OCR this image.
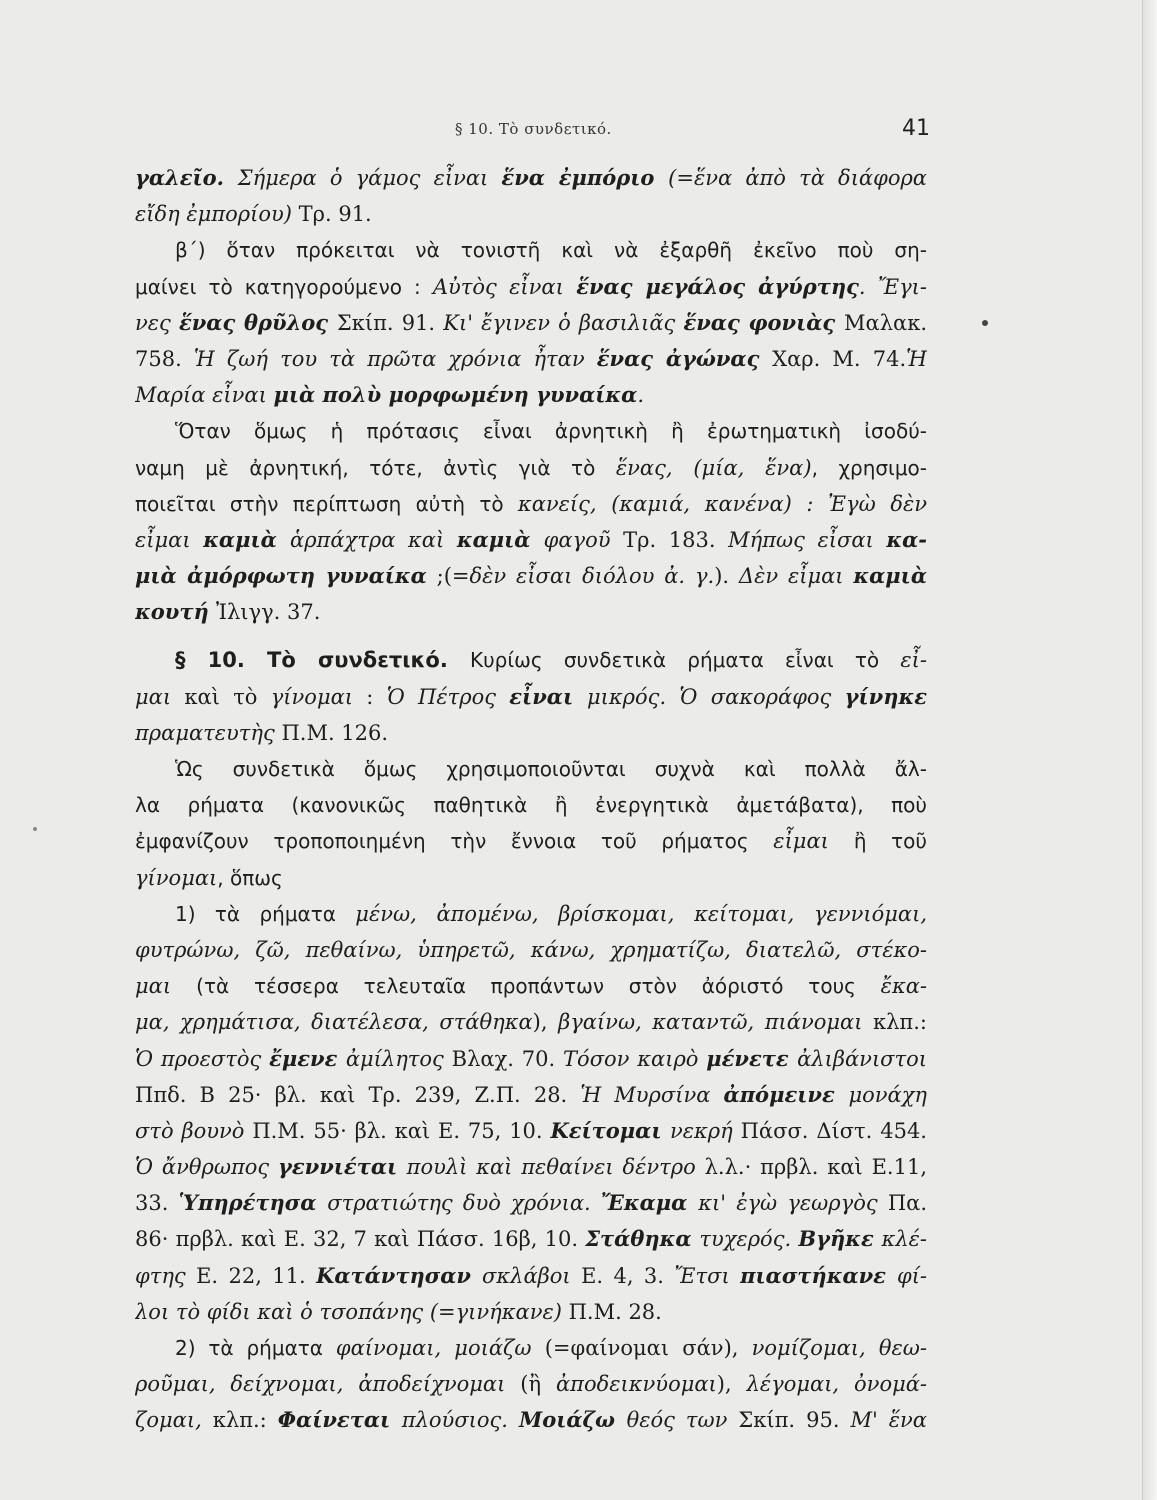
§ 10. Τὸ συνδετικό.	41
γαλεῖο. Σήμερα ὁ γάμος εἶναι ἕνα ἐμπόριο (=ἕνα ἀπὸ τὰ διάφορα
εἴδη ἐμπορίου) Τρ. 91.
β΄) ὅταν πρόκειται νὰ τονιστῆ καὶ νὰ ἐξαρθῆ ἐκεῖνο ποὺ ση-
μαίνει τὸ κατηγορούμενο : Αὐτὸς εἶναι ἕνας μεγάλος ἀγύρτης. Ἔγι-
νες ἕνας θρῦλος Σκίπ. 91. Κι' ἔγινεν ὁ βασιλιᾶς ἕνας φονιὰς Μαλακ.
758. Ἡ ζωή του τὰ πρῶτα χρόνια ἦταν ἕνας ἀγώνας Χαρ. Μ. 74.Ἡ
Μαρία εἶναι μιὰ πολὺ μορφωμένη γυναίκα.
Ὅταν ὅμως ἡ πρότασις εἶναι ἀρνητικὴ ἢ ἐρωτηματικὴ ἰσοδύ-
ναμη μὲ ἀρνητική, τότε, ἀντὶς γιὰ τὸ ἕνας, (μία, ἕνα), χρησιμο-
ποιεῖται στὴν περίπτωση αὐτὴ τὸ κανείς, (καμιά, κανένα) : Ἐγὼ δὲν
εἶμαι καμιὰ ἁρπάχτρα καὶ καμιὰ φαγοῦ Τρ. 183. Μήπως εἶσαι κα-
μιὰ ἀμόρφωτη γυναίκα ;(=δὲν εἶσαι διόλου ἀ. γ.). Δὲν εἶμαι καμιὰ
κουτή Ἰλιγγ. 37.
§ 10. Τὸ συνδετικό. Κυρίως συνδετικὰ ρήματα εἶναι τὸ εἶ-
μαι καὶ τὸ γίνομαι : Ὁ Πέτρος εἶναι μικρός. Ὁ σακοράφος γίνηκε
πραματευτὴς Π.Μ. 126.
Ὡς συνδετικὰ ὅμως χρησιμοποιοῦνται συχνὰ καὶ πολλὰ ἄλ-
λα ρήματα (κανονικῶς παθητικὰ ἢ ἐνεργητικὰ ἀμετάβατα), ποὺ
ἐμφανίζουν τροποποιημένη τὴν ἔννοια τοῦ ρήματος εἶμαι ἢ τοῦ
γίνομαι, ὅπως
1) τὰ ρήματα μένω, ἀπομένω, βρίσκομαι, κείτομαι, γεννιόμαι,
φυτρώνω, ζῶ, πεθαίνω, ὑπηρετῶ, κάνω, χρηματίζω, διατελῶ, στέκο-
μαι (τὰ τέσσερα τελευταῖα προπάντων στὸν ἀόριστό τους ἔκα-
μα, χρημάτισα, διατέλεσα, στάθηκα), βγαίνω, καταντῶ, πιάνομαι κλπ.:
Ὁ προεστὸς ἔμενε ἀμίλητος Βλαχ. 70. Τόσον καιρὸ μένετε ἀλιβάνιστοι
Ππδ. Β 25· βλ. καὶ Τρ. 239, Ζ.Π. 28. Ἡ Μυρσίνα ἀπόμεινε μονάχη
στὸ βουνὸ Π.Μ. 55· βλ. καὶ Ε. 75, 10. Κείτομαι νεκρή Πάσσ. Δίστ. 454.
Ὁ ἄνθρωπος γεννιέται πουλὶ καὶ πεθαίνει δέντρο λ.λ.· πρβλ. καὶ Ε.11,
33. Ὑπηρέτησα στρατιώτης δυὸ χρόνια. Ἔκαμα κι' ἐγὼ γεωργὸς Πα.
86· πρβλ. καὶ Ε. 32, 7 καὶ Πάσσ. 16β, 10. Στάθηκα τυχερός. Βγῆκε κλέ-
φτης Ε. 22, 11. Κατάντησαν σκλάβοι Ε. 4, 3. Ἔτσι πιαστήκανε φί-
λοι τὸ φίδι καὶ ὁ τσοπάνης (=γινήκανε) Π.Μ. 28.
2) τὰ ρήματα φαίνομαι, μοιάζω (=φαίνομαι σάν), νομίζομαι, θεω-
ροῦμαι, δείχνομαι, ἀποδείχνομαι (ἢ ἀποδεικνύομαι), λέγομαι, ὀνομά-
ζομαι, κλπ.: Φαίνεται πλούσιος. Μοιάζω θεός των Σκίπ. 95. Μ' ἕνα
